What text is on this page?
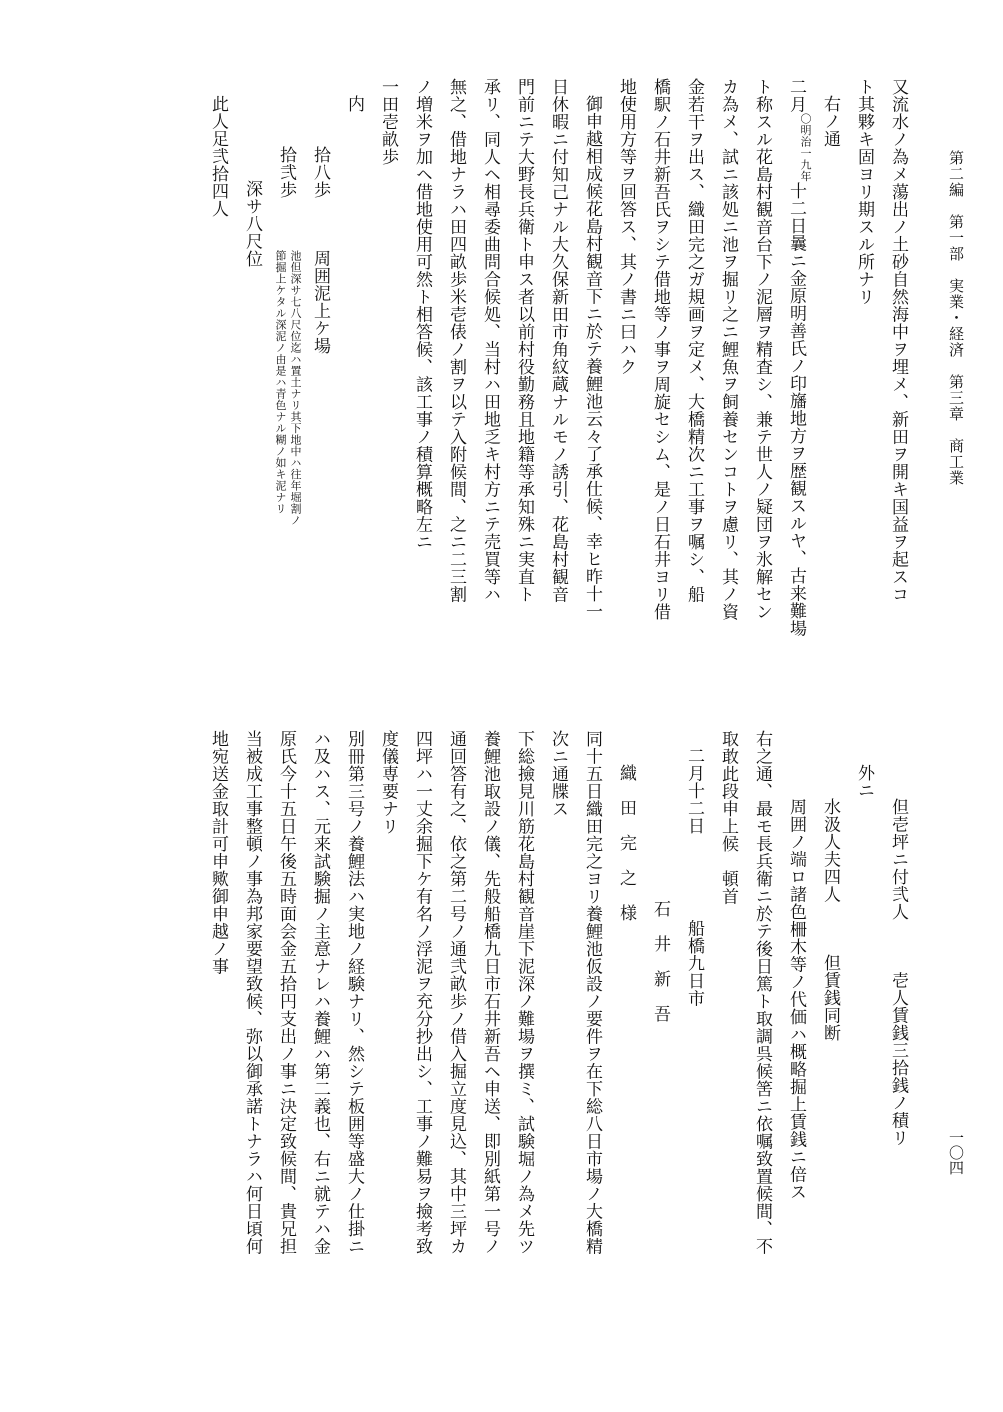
第二編　第一部　実業・経済　第三章　商工業
一〇四
又流水ノ為メ蕩出ノ土砂自然海中ヲ埋メ、新田ヲ開キ国益ヲ起スコ
ト其夥キ固ヨリ期スル所ナリ
右ノ通
二月〇明治一九年十二日曩ニ金原明善氏ノ印旛地方ヲ歴観スルヤ、古来難場
ト称スル花島村観音台下ノ泥層ヲ精査シ、兼テ世人ノ疑団ヲ氷解セン
カ為メ、試ニ該処ニ池ヲ掘リ之ニ鯉魚ヲ飼養センコトヲ慮リ、其ノ資
金若干ヲ出ス、織田完之ガ規画ヲ定メ、大橋精次ニ工事ヲ嘱シ、船
橋駅ノ石井新吾氏ヲシテ借地等ノ事ヲ周旋セシム、是ノ日石井ヨリ借
地使用方等ヲ回答ス、其ノ書ニ曰ハク
御申越相成候花島村観音下ニ於テ養鯉池云々了承仕候、幸ヒ昨十一
日休暇ニ付知己ナル大久保新田市角紋蔵ナルモノ誘引、花島村観音
門前ニテ大野長兵衛ト申ス者以前村役勤務且地籍等承知殊ニ実直ト
承リ、同人ヘ相尋委曲問合候処、当村ハ田地乏キ村方ニテ売買等ハ
無之、借地ナラハ田四畝歩米壱俵ノ割ヲ以テ入附候間、之ニ二三割
ノ増米ヲ加ヘ借地使用可然ト相答候、該工事ノ積算概略左ニ
一田壱畝歩
内
拾八歩周囲泥上ケ場
拾弐歩
池但深サ七八尺位迄ハ置土ナリ其下地中ハ往年堀割ノ
節掘上ケタル深泥ノ由是ハ青色ナル糊ノ如キ泥ナリ
深サ八尺位
此人足弐拾四人
但壱坪ニ付弐人壱人賃銭三拾銭ノ積リ
外ニ
水汲人夫四人但賃銭同断
周囲ノ端ロ諸色柵木等ノ代価ハ概略掘上賃銭ニ倍ス
右之通、最モ長兵衛ニ於テ後日篤ト取調呉候筈ニ依嘱致置候間、不
取敢此段申上候　頓首
二月十二日船橋九日市
石　井　新　吾
織　田　完　之　様
同十五日織田完之ヨリ養鯉池仮設ノ要件ヲ在下総八日市場ノ大橋精
次ニ通牒ス
下総撿見川筋花島村観音崖下泥深ノ難場ヲ撰ミ、試験堀ノ為メ先ツ
養鯉池取設ノ儀、先般船橋九日市石井新吾ヘ申送、即別紙第一号ノ
通回答有之、依之第二号ノ通弐畝歩ノ借入掘立度見込、其中三坪カ
四坪ハ一丈余掘下ケ有名ノ浮泥ヲ充分抄出シ、工事ノ難易ヲ撿考致
度儀専要ナリ
別冊第三号ノ養鯉法ハ実地ノ経験ナリ、然シテ板囲等盛大ノ仕掛ニ
ハ及ハス、元来試験掘ノ主意ナレハ養鯉ハ第二義也、右ニ就テハ金
原氏今十五日午後五時面会金五拾円支出ノ事ニ決定致候間、貴兄担
当被成工事整頓ノ事為邦家要望致候、弥以御承諾トナラハ何日頃何
地宛送金取計可申歟御申越ノ事
